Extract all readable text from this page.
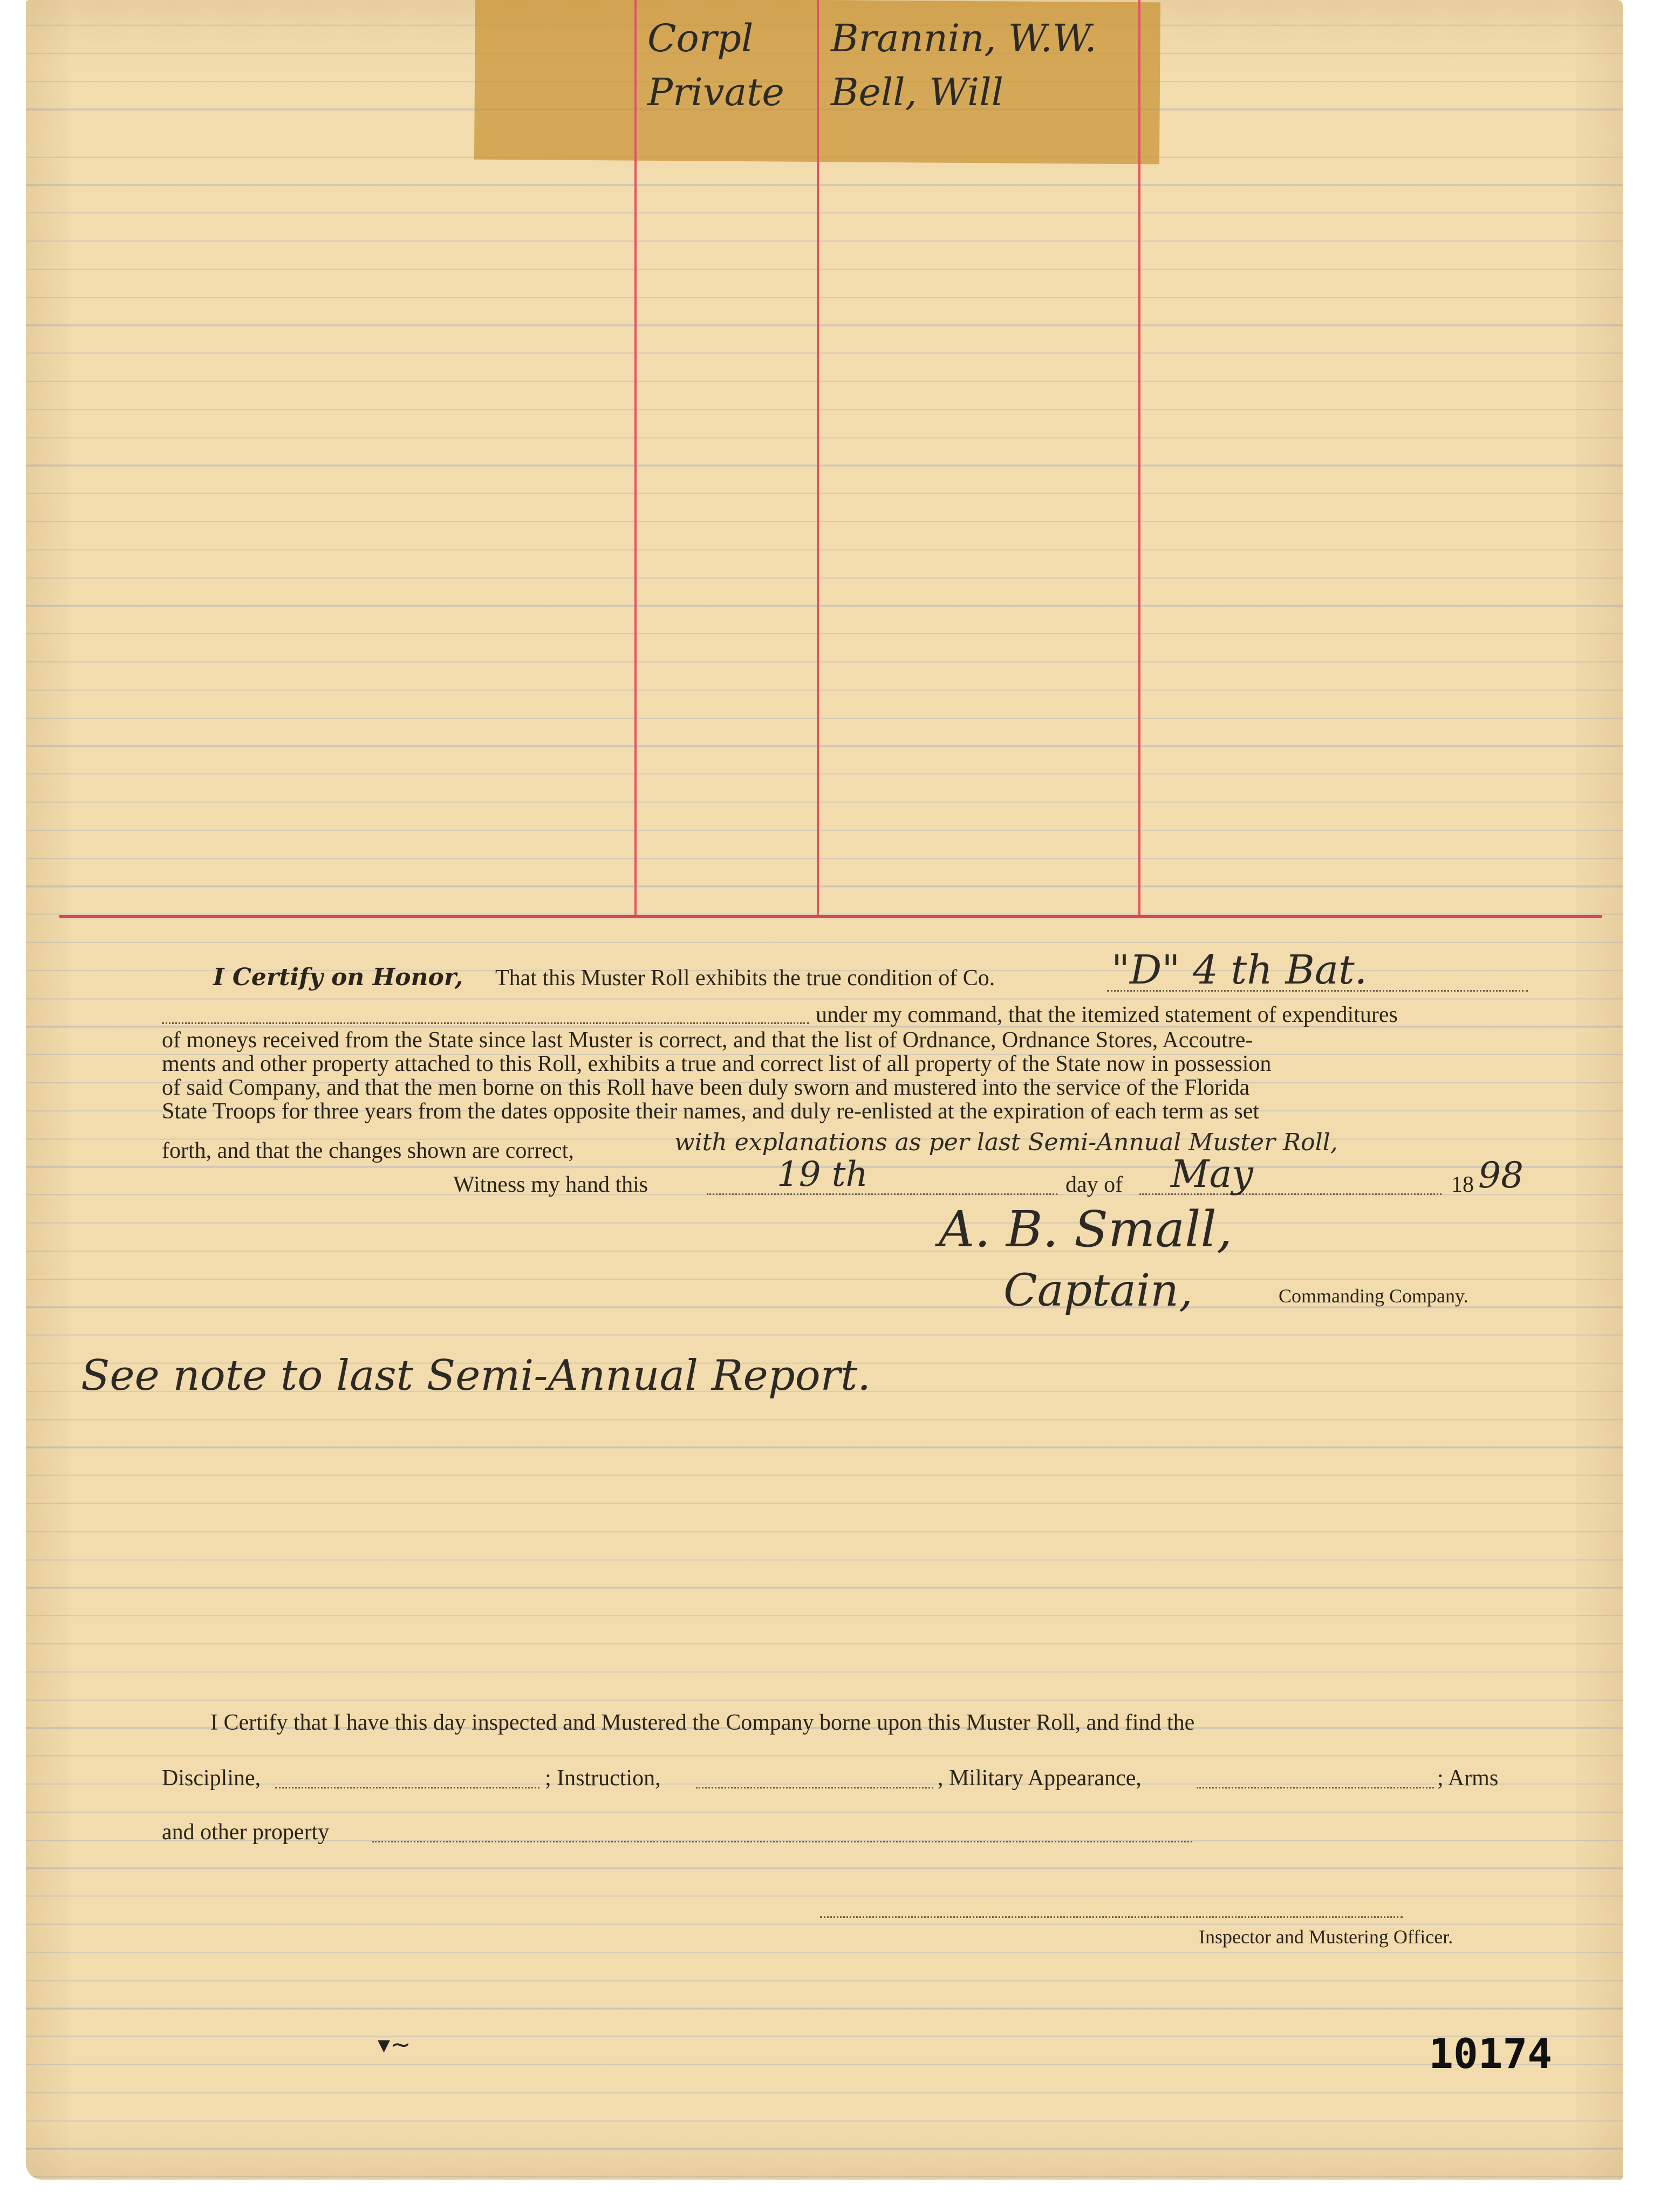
Corpl Brannin, W.W.
Private Bell, Will
I Certify on Honor, That this Muster Roll exhibits the true condition of Co.	"D" 4 th Bat.
under my command, that the itemized statement of expenditures
of moneys received from the State since last Muster is correct, and that the list of Ordnance, Ordnance Stores, Accoutre-
ments and other property attached to this Roll, exhibits a true and correct list of all property of the State now in possession
of said Company, and that the men borne on this Roll have been duly sworn and mustered into the service of the Florida
State Troops for three years from the dates opposite their names, and duly re-enlisted at the expiration of each term as set
forth, and that the changes shown are correct,	with explanations as per last Semi-Annual Muster Roll,
Witness my hand this	19 th	day of May	18 98
A. B. Small,
Captain,	Commanding Company.
See note to last Semi-Annual Report.
I Certify that I have this day inspected and Mustered the Company borne upon this Muster Roll, and find the
Discipline,	; Instruction,	, Military Appearance,	; Arms
and other property
Inspector and Mustering Officer.
▾~	10174
